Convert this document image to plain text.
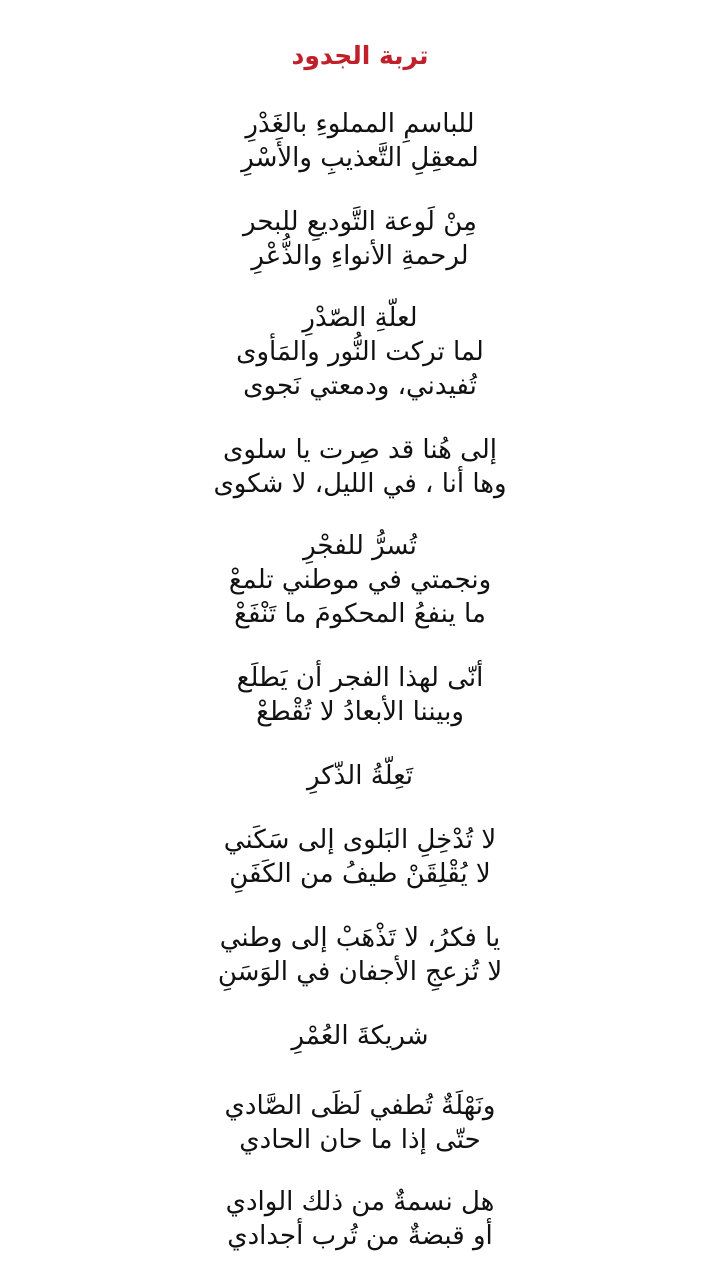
تربة الجدود
للباسمِ المملوءِ بالغَدْرِ
لمعقِلِ التَّعذيبِ والأَسْرِ
مِنْ لَوعة التَّوديعِ للبحر
لرحمةِ الأنواءِ والذُّعْرِ
لعلّةِ الصّدْرِ
لما تركت النُّور والمَأوى
تُفيدني، ودمعتي نَجوى
إلى هُنا قد صِرت يا سلوى
وها أنا ، في الليل، لا شكوى
تُسرُّ للفجْرِ
ونجمتي في موطني تلمعْ
ما ينفعُ المحكومَ ما تَنْفَعْ
أنّى لهذا الفجر أن يَطلَع
وبيننا الأبعادُ لا تُقْطعْ
تَعِلّةُ الذّكرِ
لا تُدْخِلِ البَلوى إلى سَكَني
لا يُقْلِقَنْ طيفُ من الكَفَنِ
يا فكرُ، لا تَذْهَبْ إلى وطني
لا تُزعجِ الأجفان في الوَسَنِ
شريكةَ العُمْرِ
ونَهْلَةٌ تُطفي لَظَى الصَّادي
حتّى إذا ما حان الحادي
هل نسمةٌ من ذلك الوادي
أو قبضةٌ من تُرب أجدادي
